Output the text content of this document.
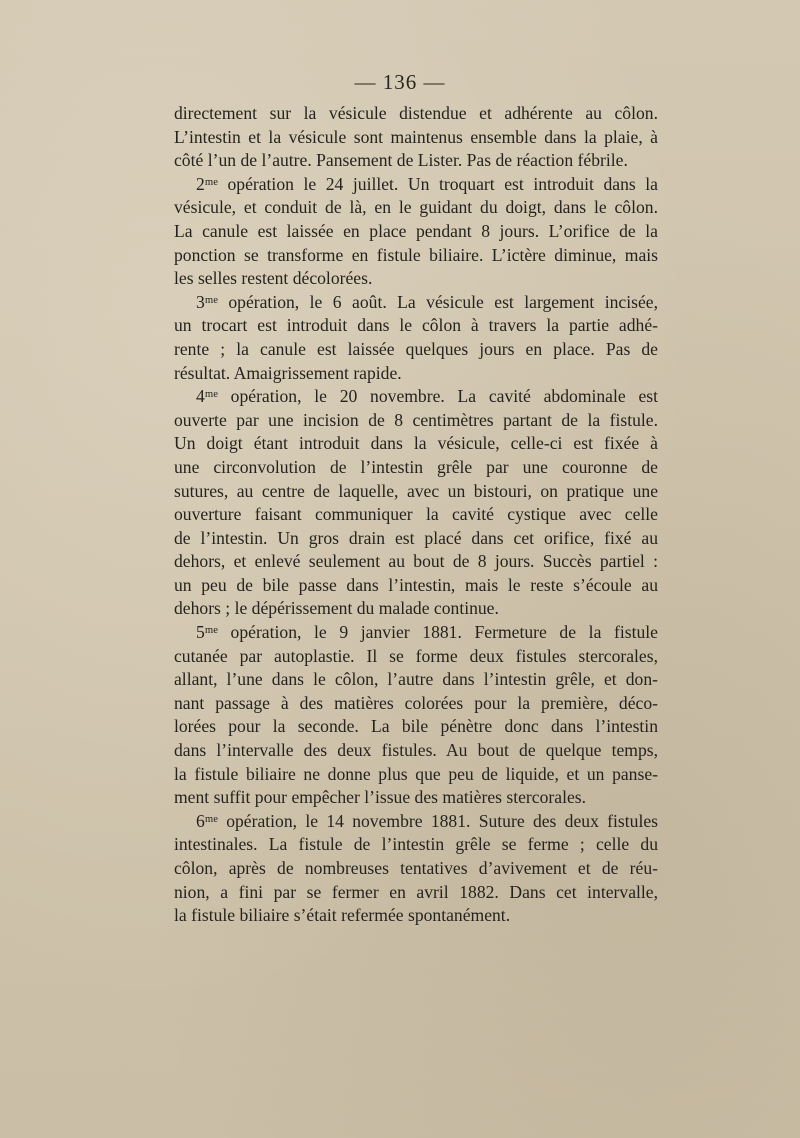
— 136 —
directement sur la vésicule distendue et adhérente au côlon.
L’intestin et la vésicule sont maintenus ensemble dans la plaie, à
côté l’un de l’autre. Pansement de Lister. Pas de réaction fébrile.
2ᵐᵉ opération le 24 juillet. Un troquart est introduit dans la
vésicule, et conduit de là, en le guidant du doigt, dans le côlon.
La canule est laissée en place pendant 8 jours. L’orifice de la
ponction se transforme en fistule biliaire. L’ictère diminue, mais
les selles restent décolorées.
3ᵐᵉ opération, le 6 août. La vésicule est largement incisée,
un trocart est introduit dans le côlon à travers la partie adhé-
rente ; la canule est laissée quelques jours en place. Pas de
résultat. Amaigrissement rapide.
4ᵐᵉ opération, le 20 novembre. La cavité abdominale est
ouverte par une incision de 8 centimètres partant de la fistule.
Un doigt étant introduit dans la vésicule, celle-ci est fixée à
une circonvolution de l’intestin grêle par une couronne de
sutures, au centre de laquelle, avec un bistouri, on pratique une
ouverture faisant communiquer la cavité cystique avec celle
de l’intestin. Un gros drain est placé dans cet orifice, fixé au
dehors, et enlevé seulement au bout de 8 jours. Succès partiel :
un peu de bile passe dans l’intestin, mais le reste s’écoule au
dehors ; le dépérissement du malade continue.
5ᵐᵉ opération, le 9 janvier 1881. Fermeture de la fistule
cutanée par autoplastie. Il se forme deux fistules stercorales,
allant, l’une dans le côlon, l’autre dans l’intestin grêle, et don-
nant passage à des matières colorées pour la première, déco-
lorées pour la seconde. La bile pénètre donc dans l’intestin
dans l’intervalle des deux fistules. Au bout de quelque temps,
la fistule biliaire ne donne plus que peu de liquide, et un panse-
ment suffit pour empêcher l’issue des matières stercorales.
6ᵐᵉ opération, le 14 novembre 1881. Suture des deux fistules
intestinales. La fistule de l’intestin grêle se ferme ; celle du
côlon, après de nombreuses tentatives d’avivement et de réu-
nion, a fini par se fermer en avril 1882. Dans cet intervalle,
la fistule biliaire s’était refermée spontanément.
